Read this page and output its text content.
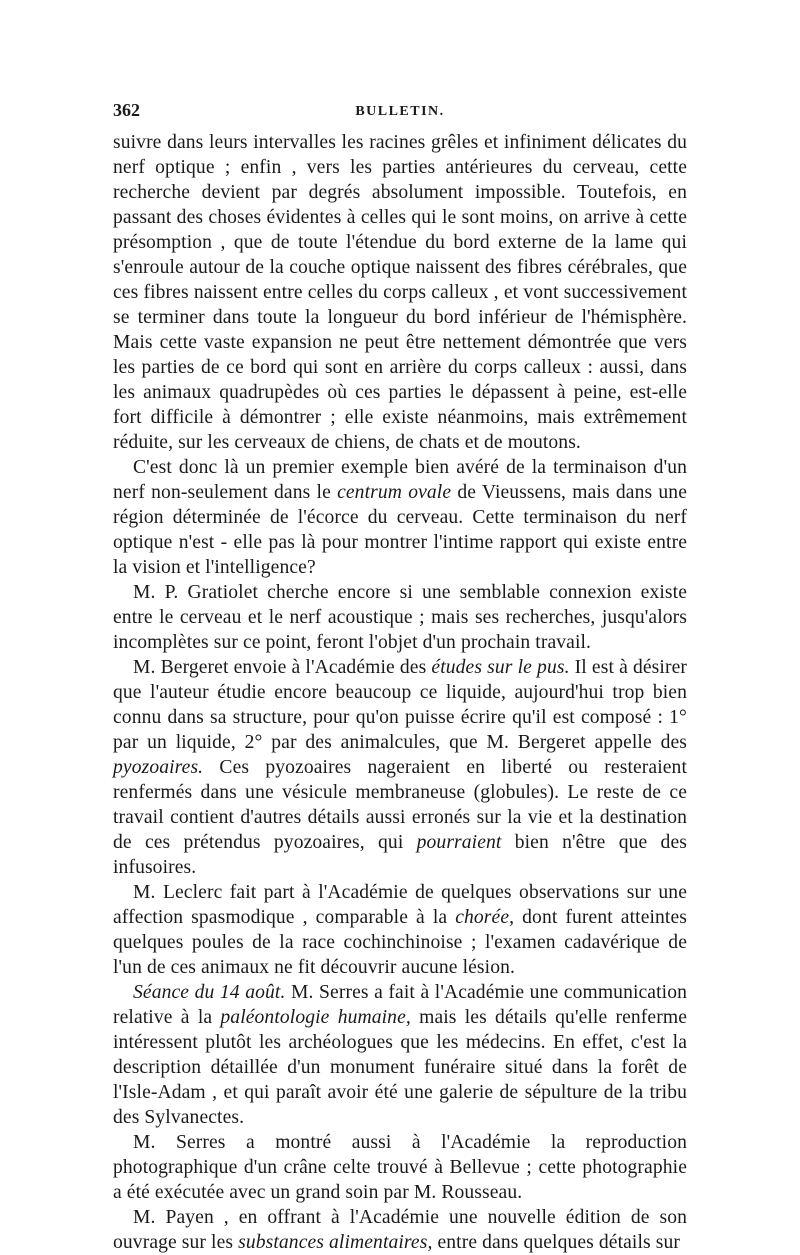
362	BULLETIN.

suivre dans leurs intervalles les racines grêles et infiniment délicates du nerf optique ; enfin , vers les parties antérieures du cerveau, cette recherche devient par degrés absolument impossible. Toutefois, en passant des choses évidentes à celles qui le sont moins, on arrive à cette présomption , que de toute l'étendue du bord externe de la lame qui s'enroule autour de la couche optique naissent des fibres cérébrales, que ces fibres naissent entre celles du corps calleux , et vont successivement se terminer dans toute la longueur du bord inférieur de l'hémisphère. Mais cette vaste expansion ne peut être nettement démontrée que vers les parties de ce bord qui sont en arrière du corps calleux : aussi, dans les animaux quadrupèdes où ces parties le dépassent à peine, est-elle fort difficile à démontrer ; elle existe néanmoins, mais extrêmement réduite, sur les cerveaux de chiens, de chats et de moutons.

C'est donc là un premier exemple bien avéré de la terminaison d'un nerf non-seulement dans le centrum ovale de Vieussens, mais dans une région déterminée de l'écorce du cerveau. Cette terminaison du nerf optique n'est - elle pas là pour montrer l'intime rapport qui existe entre la vision et l'intelligence?

M. P. Gratiolet cherche encore si une semblable connexion existe entre le cerveau et le nerf acoustique ; mais ses recherches, jusqu'alors incomplètes sur ce point, feront l'objet d'un prochain travail.

M. Bergeret envoie à l'Académie des études sur le pus. Il est à désirer que l'auteur étudie encore beaucoup ce liquide, aujourd'hui trop bien connu dans sa structure, pour qu'on puisse écrire qu'il est composé : 1° par un liquide, 2° par des animalcules, que M. Bergeret appelle des pyozoaires. Ces pyozoaires nageraient en liberté ou resteraient renfermés dans une vésicule membraneuse (globules). Le reste de ce travail contient d'autres détails aussi erronés sur la vie et la destination de ces prétendus pyozoaires, qui pourraient bien n'être que des infusoires.

M. Leclerc fait part à l'Académie de quelques observations sur une affection spasmodique , comparable à la chorée, dont furent atteintes quelques poules de la race cochinchinoise ; l'examen cadavérique de l'un de ces animaux ne fit découvrir aucune lésion.

Séance du 14 août. M. Serres a fait à l'Académie une communication relative à la paléontologie humaine, mais les détails qu'elle renferme intéressent plutôt les archéologues que les médecins. En effet, c'est la description détaillée d'un monument funéraire situé dans la forêt de l'Isle-Adam , et qui paraît avoir été une galerie de sépulture de la tribu des Sylvanectes.

M. Serres a montré aussi à l'Académie la reproduction photographique d'un crâne celte trouvé à Bellevue ; cette photographie a été exécutée avec un grand soin par M. Rousseau.

M. Payen , en offrant à l'Académie une nouvelle édition de son ouvrage sur les substances alimentaires, entre dans quelques détails sur
